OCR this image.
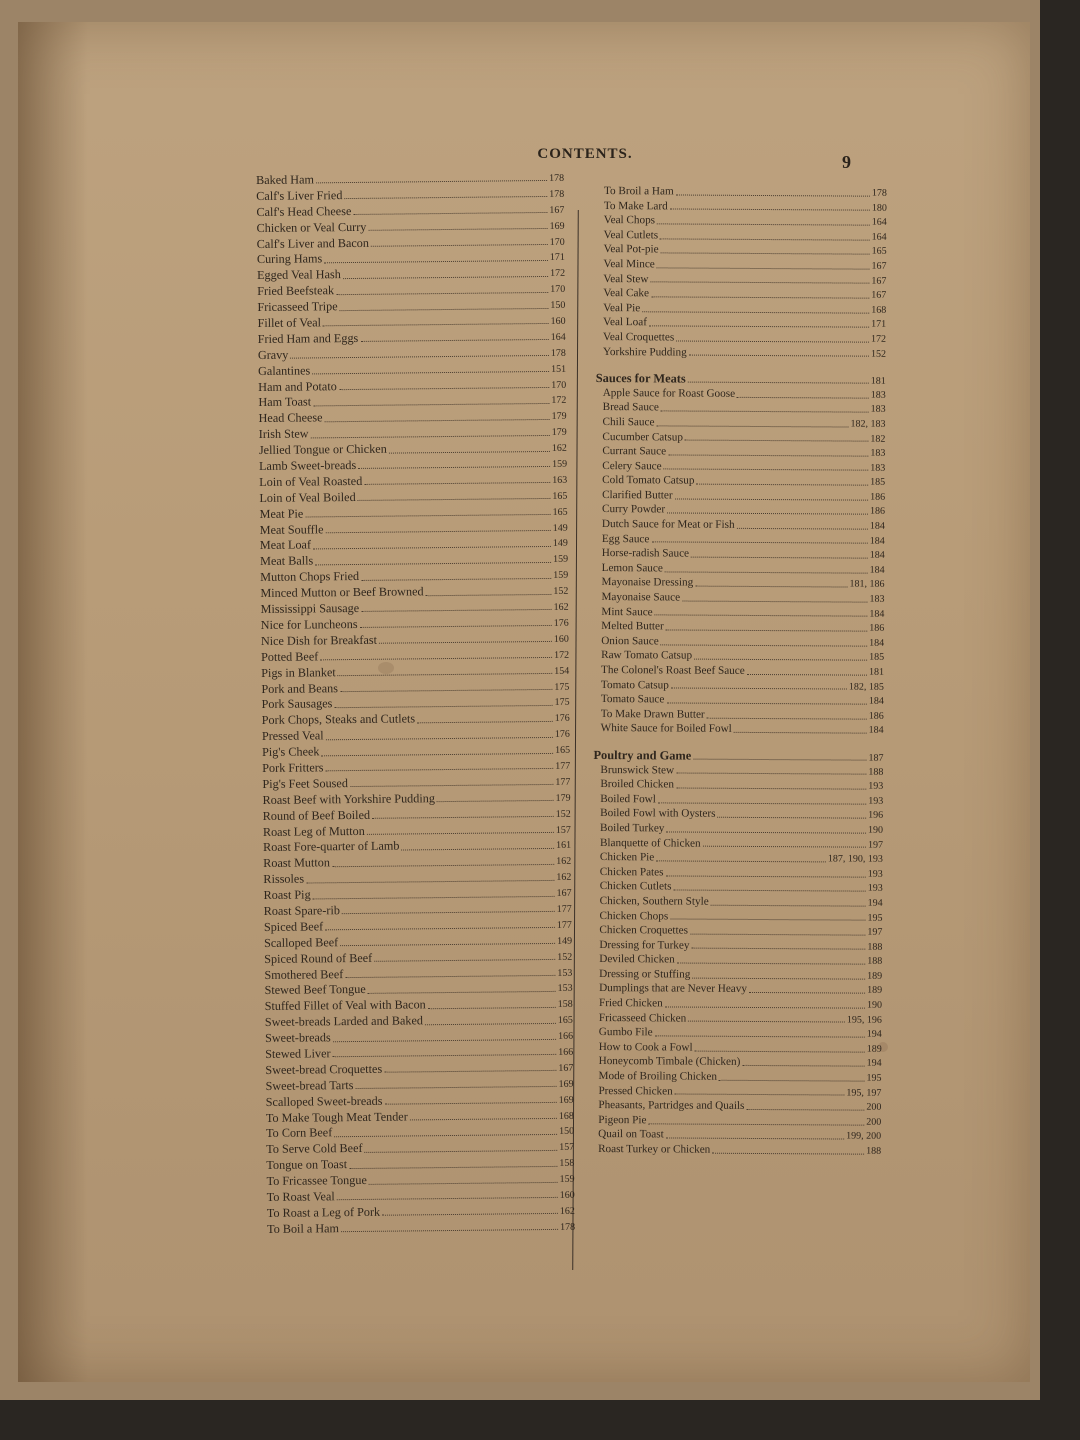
CONTENTS.	9
Baked Ham	178
Calf's Liver Fried	178
Calf's Head Cheese	167
Chicken or Veal Curry	169
Calf's Liver and Bacon	170
Curing Hams	171
Egged Veal Hash	172
Fried Beefsteak	170
Fricasseed Tripe	150
Fillet of Veal	160
Fried Ham and Eggs	164
Gravy	178
Galantines	151
Ham and Potato	170
Ham Toast	172
Head Cheese	179
Irish Stew	179
Jellied Tongue or Chicken	162
Lamb Sweet-breads	159
Loin of Veal Roasted	163
Loin of Veal Boiled	165
Meat Pie	165
Meat Souffle	149
Meat Loaf	149
Meat Balls	159
Mutton Chops Fried	159
Minced Mutton or Beef Browned	152
Mississippi Sausage	162
Nice for Luncheons	176
Nice Dish for Breakfast	160
Potted Beef	172
Pigs in Blanket	154
Pork and Beans	175
Pork Sausages	175
Pork Chops, Steaks and Cutlets	176
Pressed Veal	176
Pig's Cheek	165
Pork Fritters	177
Pig's Feet Soused	177
Roast Beef with Yorkshire Pudding	179
Round of Beef Boiled	152
Roast Leg of Mutton	157
Roast Fore-quarter of Lamb	161
Roast Mutton	162
Rissoles	162
Roast Pig	167
Roast Spare-rib	177
Spiced Beef	177
Scalloped Beef	149
Spiced Round of Beef	152
Smothered Beef	153
Stewed Beef Tongue	153
Stuffed Fillet of Veal with Bacon	158
Sweet-breads Larded and Baked	165
Sweet-breads	166
Stewed Liver	166
Sweet-bread Croquettes	167
Sweet-bread Tarts	169
Scalloped Sweet-breads	169
To Make Tough Meat Tender	168
To Corn Beef	150
To Serve Cold Beef	157
Tongue on Toast	158
To Fricassee Tongue	159
To Roast Veal	160
To Roast a Leg of Pork	162
To Boil a Ham	178
To Broil a Ham	178
To Make Lard	180
Veal Chops	164
Veal Cutlets	164
Veal Pot-pie	165
Veal Mince	167
Veal Stew	167
Veal Cake	167
Veal Pie	168
Veal Loaf	171
Veal Croquettes	172
Yorkshire Pudding	152
Sauces for Meats	181
Apple Sauce for Roast Goose	183
Bread Sauce	183
Chili Sauce	182, 183
Cucumber Catsup	182
Currant Sauce	183
Celery Sauce	183
Cold Tomato Catsup	185
Clarified Butter	186
Curry Powder	186
Dutch Sauce for Meat or Fish	184
Egg Sauce	184
Horse-radish Sauce	184
Lemon Sauce	184
Mayonaise Dressing	181, 186
Mayonaise Sauce	183
Mint Sauce	184
Melted Butter	186
Onion Sauce	184
Raw Tomato Catsup	185
The Colonel's Roast Beef Sauce	181
Tomato Catsup	182, 185
Tomato Sauce	184
To Make Drawn Butter	186
White Sauce for Boiled Fowl	184
Poultry and Game	187
Brunswick Stew	188
Broiled Chicken	193
Boiled Fowl	193
Boiled Fowl with Oysters	196
Boiled Turkey	190
Blanquette of Chicken	197
Chicken Pie	187, 190, 193
Chicken Pates	193
Chicken Cutlets	193
Chicken, Southern Style	194
Chicken Chops	195
Chicken Croquettes	197
Dressing for Turkey	188
Deviled Chicken	188
Dressing or Stuffing	189
Dumplings that are Never Heavy	189
Fried Chicken	190
Fricasseed Chicken	195, 196
Gumbo File	194
How to Cook a Fowl	189
Honeycomb Timbale (Chicken)	194
Mode of Broiling Chicken	195
Pressed Chicken	195, 197
Pheasants, Partridges and Quails	200
Pigeon Pie	200
Quail on Toast	199, 200
Roast Turkey or Chicken	188
